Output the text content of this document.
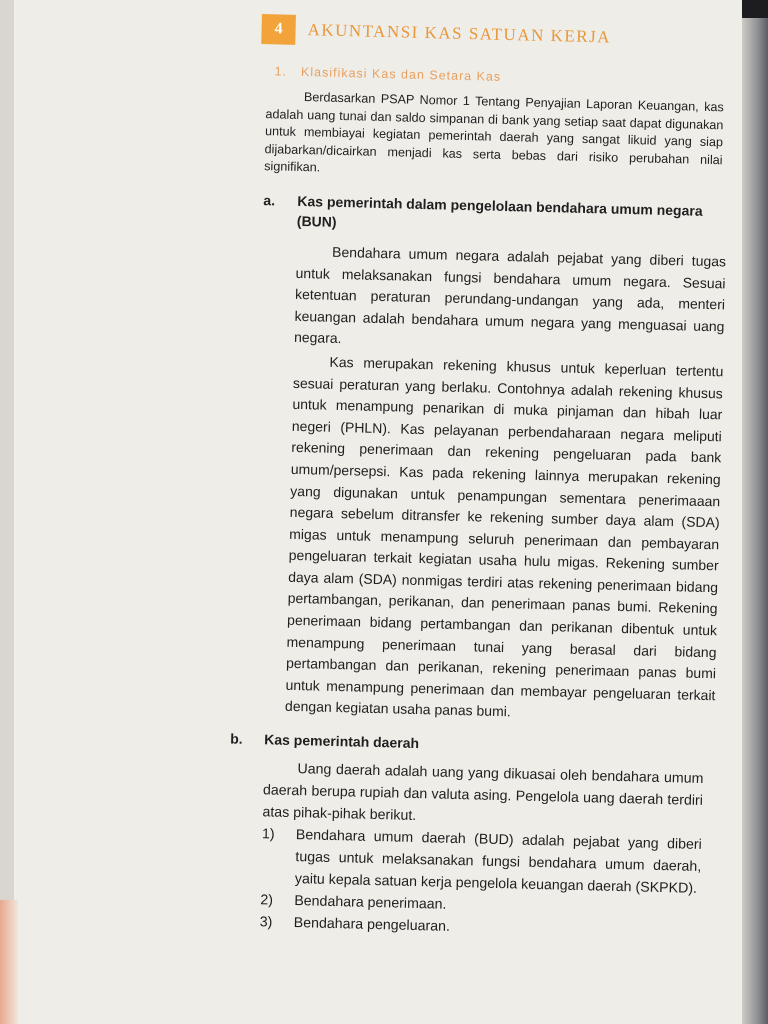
4	AKUNTANSI KAS SATUAN KERJA
1. Klasifikasi Kas dan Setara Kas

Berdasarkan PSAP Nomor 1 Tentang Penyajian Laporan Keuangan, kas adalah uang tunai dan saldo simpanan di bank yang setiap saat dapat digunakan untuk membiayai kegiatan pemerintah daerah yang sangat likuid yang siap dijabarkan/dicairkan menjadi kas serta bebas dari risiko perubahan nilai signifikan.

a.	Kas pemerintah dalam pengelolaan bendahara umum negara (BUN)

Bendahara umum negara adalah pejabat yang diberi tugas untuk melaksanakan fungsi bendahara umum negara. Sesuai ketentuan peraturan perundang-undangan yang ada, menteri keuangan adalah bendahara umum negara yang menguasai uang negara.

Kas merupakan rekening khusus untuk keperluan tertentu sesuai peraturan yang berlaku. Contohnya adalah rekening khusus untuk menampung penarikan di muka pinjaman dan hibah luar negeri (PHLN). Kas pelayanan perbendaharaan negara meliputi rekening penerimaan dan rekening pengeluaran pada bank umum/persepsi. Kas pada rekening lainnya merupakan rekening yang digunakan untuk penampungan sementara penerimaaan negara sebelum ditransfer ke rekening sumber daya alam (SDA) migas untuk menampung seluruh penerimaan dan pembayaran pengeluaran terkait kegiatan usaha hulu migas. Rekening sumber daya alam (SDA) nonmigas terdiri atas rekening penerimaan bidang pertambangan, perikanan, dan penerimaan panas bumi. Rekening penerimaan bidang pertambangan dan perikanan dibentuk untuk menampung penerimaan tunai yang berasal dari bidang pertambangan dan perikanan, rekening penerimaan panas bumi untuk menampung penerimaan dan membayar pengeluaran terkait dengan kegiatan usaha panas bumi.

b.	Kas pemerintah daerah

Uang daerah adalah uang yang dikuasai oleh bendahara umum daerah berupa rupiah dan valuta asing. Pengelola uang daerah terdiri atas pihak-pihak berikut.

1)	Bendahara umum daerah (BUD) adalah pejabat yang diberi tugas untuk melaksanakan fungsi bendahara umum daerah, yaitu kepala satuan kerja pengelola keuangan daerah (SKPKD).
2)	Bendahara penerimaan.
3)	Bendahara pengeluaran.
